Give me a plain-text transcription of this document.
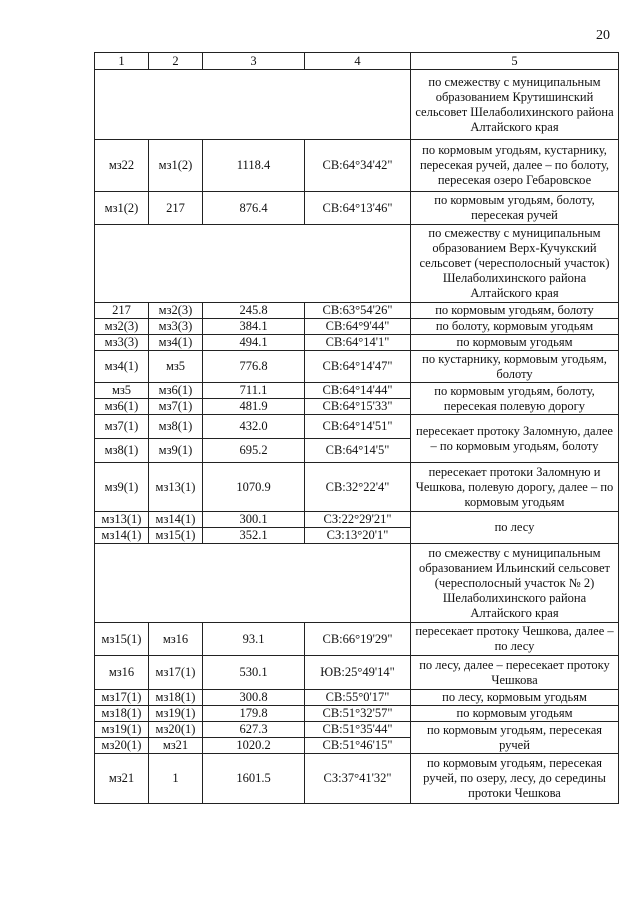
20
1	2	3	4	5
				по смежеству с муниципальным образованием Крутишинский сельсовет Шелаболихинского района Алтайского края
мз22	мз1(2)	1118.4	СВ:64°34'42"	по кормовым угодьям, кустарнику, пересекая ручей, далее – по болоту, пересекая озеро Гебаровское
мз1(2)	217	876.4	СВ:64°13'46"	по кормовым угодьям, болоту, пересекая ручей
				по смежеству с муниципальным образованием Верх-Кучукский сельсовет (чересполосный участок) Шелаболихинского района Алтайского края
217	мз2(3)	245.8	СВ:63°54'26"	по кормовым угодьям, болоту
мз2(3)	мз3(3)	384.1	СВ:64°9'44"	по болоту, кормовым угодьям
мз3(3)	мз4(1)	494.1	СВ:64°14'1"	по кормовым угодьям
мз4(1)	мз5	776.8	СВ:64°14'47"	по кустарнику, кормовым угодьям, болоту
мз5	мз6(1)	711.1	СВ:64°14'44"	по кормовым угодьям, болоту, пересекая полевую дорогу
мз6(1)	мз7(1)	481.9	СВ:64°15'33"	
мз7(1)	мз8(1)	432.0	СВ:64°14'51"	пересекает протоку Заломную, далее – по кормовым угодьям, болоту
мз8(1)	мз9(1)	695.2	СВ:64°14'5"	
мз9(1)	мз13(1)	1070.9	СВ:32°22'4"	пересекает протоки Заломную и Чешкова, полевую дорогу, далее – по кормовым угодьям
мз13(1)	мз14(1)	300.1	СЗ:22°29'21"	по лесу
мз14(1)	мз15(1)	352.1	СЗ:13°20'1"	
				по смежеству с муниципальным образованием Ильинский сельсовет (чересполосный участок № 2) Шелаболихинского района Алтайского края
мз15(1)	мз16	93.1	СВ:66°19'29"	пересекает протоку Чешкова, далее – по лесу
мз16	мз17(1)	530.1	ЮВ:25°49'14"	по лесу, далее – пересекает протоку Чешкова
мз17(1)	мз18(1)	300.8	СВ:55°0'17"	по лесу, кормовым угодьям
мз18(1)	мз19(1)	179.8	СВ:51°32'57"	по кормовым угодьям
мз19(1)	мз20(1)	627.3	СВ:51°35'44"	по кормовым угодьям, пересекая ручей
мз20(1)	мз21	1020.2	СВ:51°46'15"	
мз21	1	1601.5	СЗ:37°41'32"	по кормовым угодьям, пересекая ручей, по озеру, лесу, до середины протоки Чешкова
